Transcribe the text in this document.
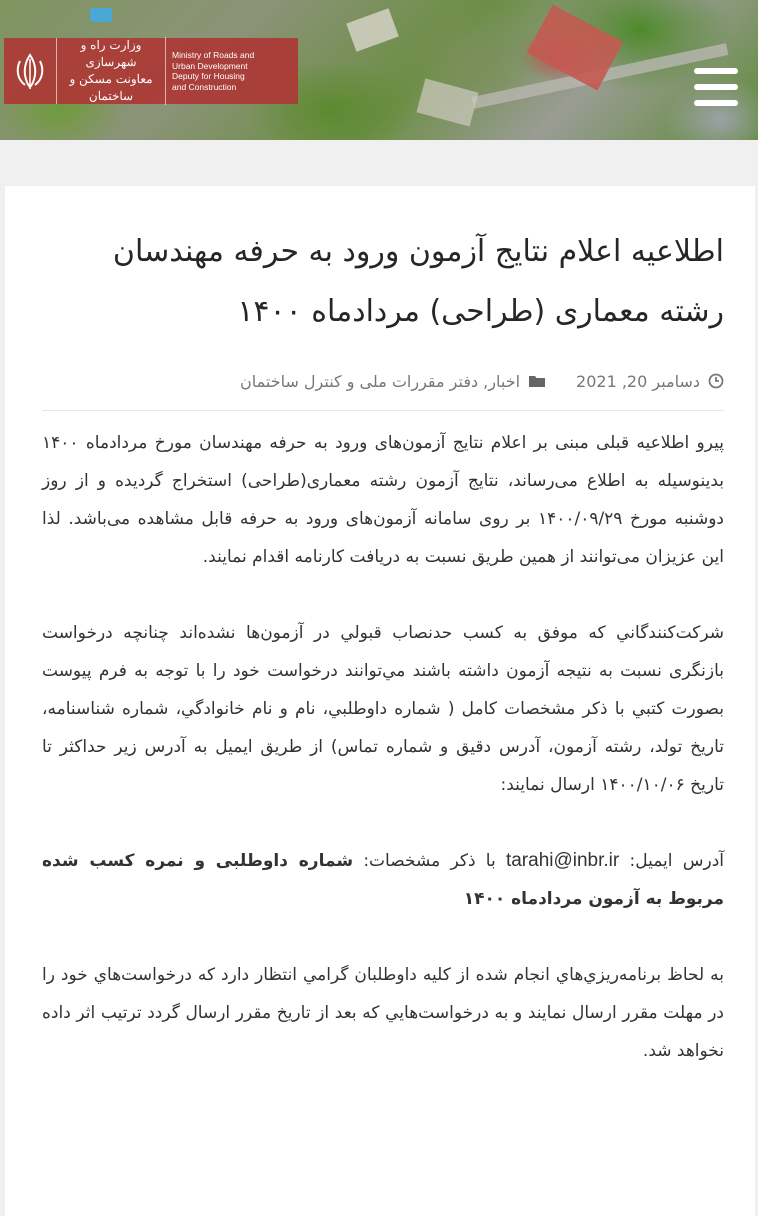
وزارت راه و شهرسازی
معاونت مسکن و ساختمان
Ministry of Roads and
Urban Development
Deputy for Housing
and Construction
اطلاعیه اعلام نتایج آزمون ورود به حرفه مهندسان رشته معماری (طراحی) مردادماه ۱۴۰۰
دسامبر 20, 2021
اخبار, دفتر مقررات ملی و کنترل ساختمان

پیرو اطلاعیه قبلی مبنی بر اعلام نتایج آزمون‌های ورود به حرفه مهندسان مورخ مردادماه ۱۴۰۰ بدینوسیله به اطلاع می‌رساند، نتایج آزمون رشته معماری(طراحی) استخراج گردیده و از روز دوشنبه مورخ ۱۴۰۰/۰۹/۲۹ بر روی سامانه آزمون‌های ورود به حرفه قابل مشاهده می‌باشد. لذا این عزیزان می‌توانند از همین طریق نسبت به دریافت کارنامه اقدام نمایند.

شرکت‌کنندگاني که موفق به کسب حدنصاب قبولي در آزمون‌ها نشده‌اند چنانچه درخواست بازنگری نسبت به نتیجه آزمون داشته باشند مي‌توانند درخواست خود را با توجه به فرم پیوست بصورت کتبي با ذکر مشخصات کامل ( شماره داوطلبي، نام و نام خانوادگي، شماره شناسنامه، تاريخ تولد، رشته آزمون، آدرس دقيق و شماره تماس) از طریق ایمیل به آدرس زیر حداکثر تا تاریخ ۱۴۰۰/۱۰/۰۶ ارسال نمایند:

آدرس ایمیل: tarahi@inbr.ir با ذکر مشخصات: شماره داوطلبی و نمره کسب شده مربوط به آزمون مردادماه ۱۴۰۰

به لحاظ برنامه‌ريزي‌هاي انجام شده از کليه داوطلبان گرامي انتظار دارد که درخواست‌هاي خود را در مهلت مقرر ارسال نمايند و به درخواست‌هايي که بعد از تاريخ مقرر ارسال گردد ترتيب اثر داده نخواهد شد.
